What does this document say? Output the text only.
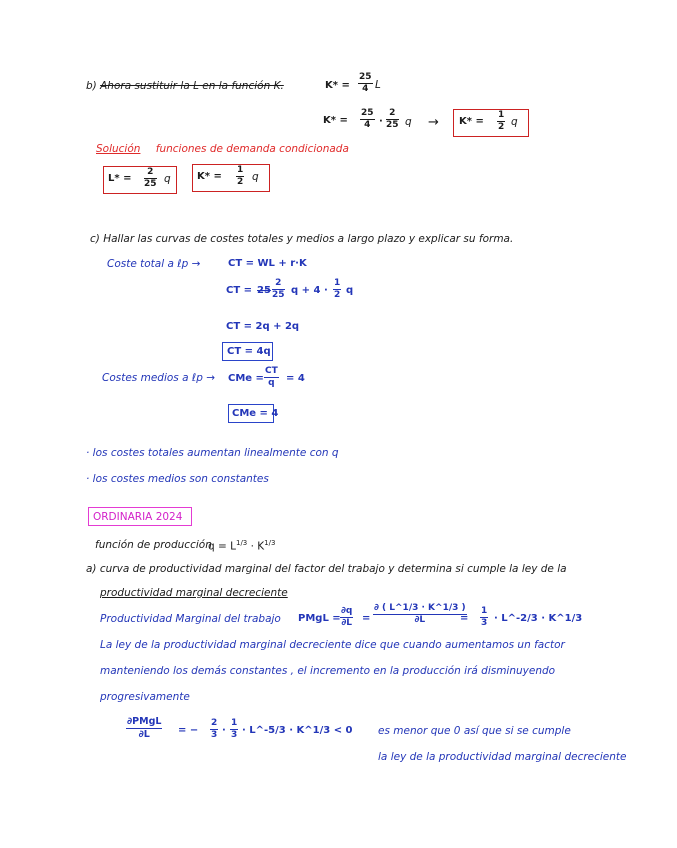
b) Ahora sustituir la L en la función K.	$K* = \frac{25}{4}$ L
$K* = \frac{25}{4} \cdot \frac{2}{25}$ $q \to K* = \frac{1}{2}$ q
Solución funciones de demanda condicionada
$L* = \frac{2}{25}$ q	$K* = \frac{1}{2}$ q
c) Hallar las curvas de costes totales y medios a largo plazo y explicar su forma.
Coste total a ℓp →	CT = WL + r·K
CT = $25 \frac{2}{25}$ $q + 4 \cdot \frac{1}{2}$ q
CT = 2q + 2q
CT = 4q
Costes medios a ℓp → CMe = $\frac{CT}{q} = 4$
CMe = 4
· los costes totales aumentan linealmente con q
· los costes medios son constantes
ORDINARIA 2024
función de producción
$q = L^{1/3} \cdot K^{1/3}$
a) curva de productividad marginal del factor del trabajo y determina si cumple la ley de la
productividad marginal decreciente
Productividad Marginal del trabajo PMgL = $\frac{\partial q}{\partial L} = \frac{\partial ( L\^{}1/3 \cdot K\^{}1/3 )}{\partial L}$
= $\frac{1}{3}$ · L^-2/3 · K^1/3
La ley de la productividad marginal decreciente dice que cuando aumentamos un factor
manteniendo los demás constantes , el incremento en la producción irá disminuyendo
progresivamente
∂PMgL
∂L	= − $\frac{2}{3} \cdot \frac{1}{3}$ · L^-5/3 · K^1/3 < 0 es menor que 0 así que si se cumple
la ley de la productividad marginal decreciente
